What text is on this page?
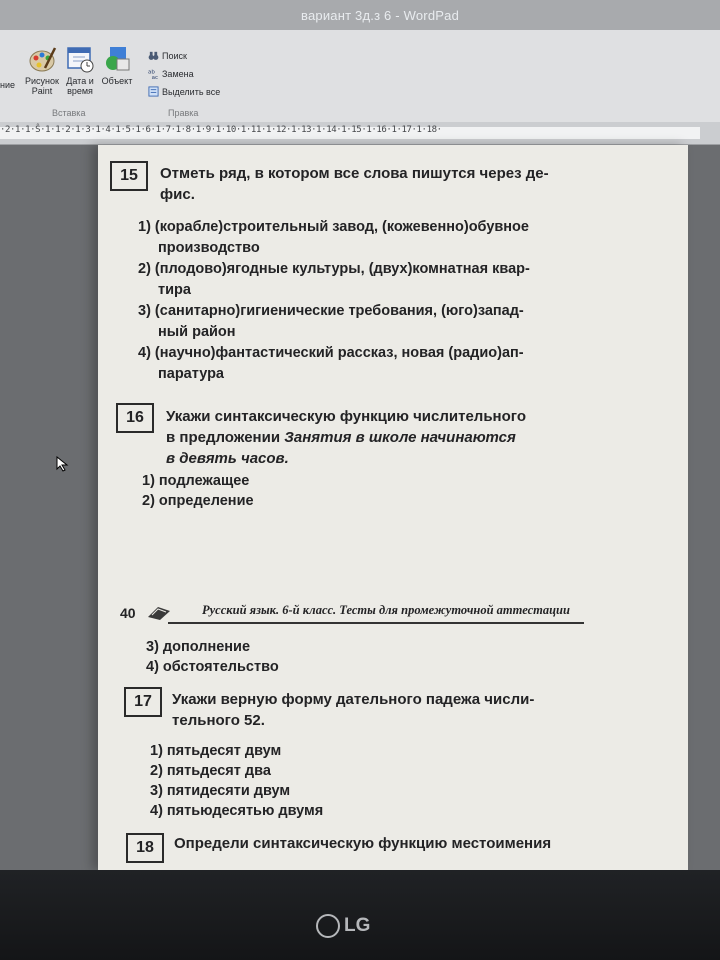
вариант 3д.з 6 - WordPad
ние	Рисунок
Paint
Дата и
время
Объект
Вставка
Поиск
ab
ac Замена
Выделить все
Правка
·2·1·1·Ŝ·1·1·2·1·3·1·4·1·5·1·6·1·7·1·8·1·9·1·10·1·11·1·12·1·13·1·14·1·15·1·16·1·17·1·18·
15	Отметь ряд, в котором все слова пишутся через де-
фис.
1) (корабле)строительный завод, (кожевенно)обувное
производство
2) (плодово)ягодные культуры, (двух)комнатная квар-
тира
3) (санитарно)гигиенические требования, (юго)запад-
ный район
4) (научно)фантастический рассказ, новая (радио)ап-
паратура
16	Укажи синтаксическую функцию числительного
в предложении Занятия в школе начинаются
в девять часов.
1) подлежащее
2) определение
40	Русский язык. 6-й класс. Тесты для промежуточной аттестации
3) дополнение
4) обстоятельство
17	Укажи верную форму дательного падежа числи-
тельного 52.
1) пятьдесят двум
2) пятьдесят два
3) пятидесяти двум
4) пятьюдесятью двумя
18	Определи синтаксическую функцию местоимения
LG
